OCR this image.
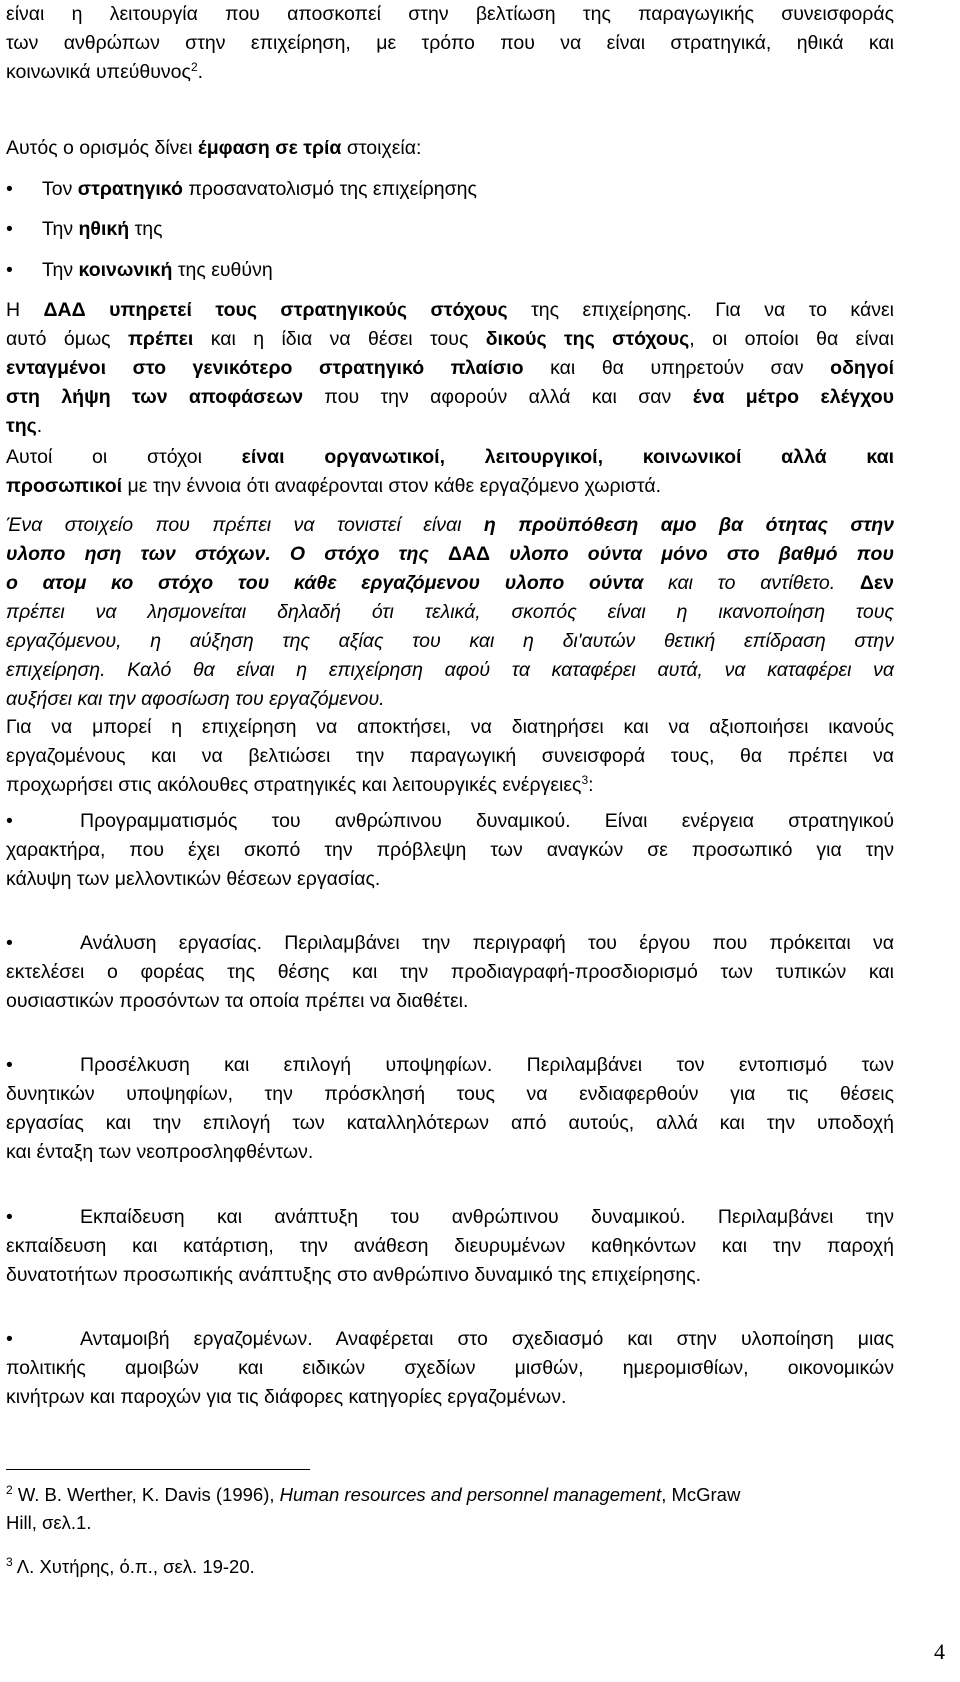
είναι η λειτουργία που αποσκοπεί στην βελτίωση της παραγωγικής συνεισφοράς

των ανθρώπων στην επιχείρηση, με τρόπο που να είναι στρατηγικά, ηθικά και

κοινωνικά υπεύθυνος$^2$.

Αυτός ο ορισμός δίνει έμφαση σε τρία στοιχεία:

•	Τον στρατηγικό προσανατολισμό της επιχείρησης
•	Την ηθική της
•	Την κοινωνική της ευθύνη

Η ΔΑΔ υπηρετεί τους στρατηγικούς στόχους της επιχείρησης. Για να το κάνει

αυτό όμως πρέπει και η ίδια να θέσει τους δικούς της στόχους, οι οποίοι θα είναι

ενταγμένοι στο γενικότερο στρατηγικό πλαίσιο και θα υπηρετούν σαν οδηγοί

στη λήψη των αποφάσεων που την αφορούν αλλά και σαν ένα μέτρο ελέγχου

της.

Αυτοί οι στόχοι είναι οργανωτικοί, λειτουργικοί, κοινωνικοί αλλά και

προσωπικοί με την έννοια ότι αναφέρονται στον κάθε εργαζόμενο χωριστά.

Ένα στοιχείο που πρέπει να τονιστεί είναι η προϋπόθεση αμο βα ότητας στην

υλοπο ηση των στόχων. Ο στόχο της ΔΑΔ υλοπο ούντα μόνο στο βαθμό που

ο ατομ κο στόχο του κάθε εργαζόμενου υλοπο ούντα και το αντίθετο. Δεν

πρέπει να λησμονείται δηλαδή ότι τελικά, σκοπός είναι η ικανοποίηση τους

εργαζόμενου, η αύξηση της αξίας του και η δι'αυτών θετική επίδραση στην

επιχείρηση. Καλό θα είναι η επιχείρηση αφού τα καταφέρει αυτά, να καταφέρει να

αυξήσει και την αφοσίωση του εργαζόμενου.

Για να μπορεί η επιχείρηση να αποκτήσει, να διατηρήσει και να αξιοποιήσει ικανούς

εργαζομένους και να βελτιώσει την παραγωγική συνεισφορά τους, θα πρέπει να

προχωρήσει στις ακόλουθες στρατηγικές και λειτουργικές ενέργειες$^3$:

•	Προγραμματισμός του ανθρώπινου δυναμικού. Είναι ενέργεια στρατηγικού

χαρακτήρα, που έχει σκοπό την πρόβλεψη των αναγκών σε προσωπικό για την

κάλυψη των μελλοντικών θέσεων εργασίας.

•	Ανάλυση εργασίας. Περιλαμβάνει την περιγραφή του έργου που πρόκειται να

εκτελέσει ο φορέας της θέσης και την προδιαγραφή-προσδιορισμό των τυπικών και

ουσιαστικών προσόντων τα οποία πρέπει να διαθέτει.

•	Προσέλκυση και επιλογή υποψηφίων. Περιλαμβάνει τον εντοπισμό των

δυνητικών υποψηφίων, την πρόσκλησή τους να ενδιαφερθούν για τις θέσεις

εργασίας και την επιλογή των καταλληλότερων από αυτούς, αλλά και την υποδοχή

και ένταξη των νεοπροσληφθέντων.

•	Εκπαίδευση και ανάπτυξη του ανθρώπινου δυναμικού. Περιλαμβάνει την

εκπαίδευση και κατάρτιση, την ανάθεση διευρυμένων καθηκόντων και την παροχή

δυνατοτήτων προσωπικής ανάπτυξης στο ανθρώπινο δυναμικό της επιχείρησης.

•	Ανταμοιβή εργαζομένων. Αναφέρεται στο σχεδιασμό και στην υλοποίηση μιας

πολιτικής αμοιβών και ειδικών σχεδίων μισθών, ημερομισθίων, οικονομικών

κινήτρων και παροχών για τις διάφορες κατηγορίες εργαζομένων.

$^2$ W. B. Werther, K. Davis (1996), Human resources and personnel management, McGraw
Hill, σελ.1.
$^3$ Λ. Χυτήρης, ό.π., σελ. 19-20.
4
